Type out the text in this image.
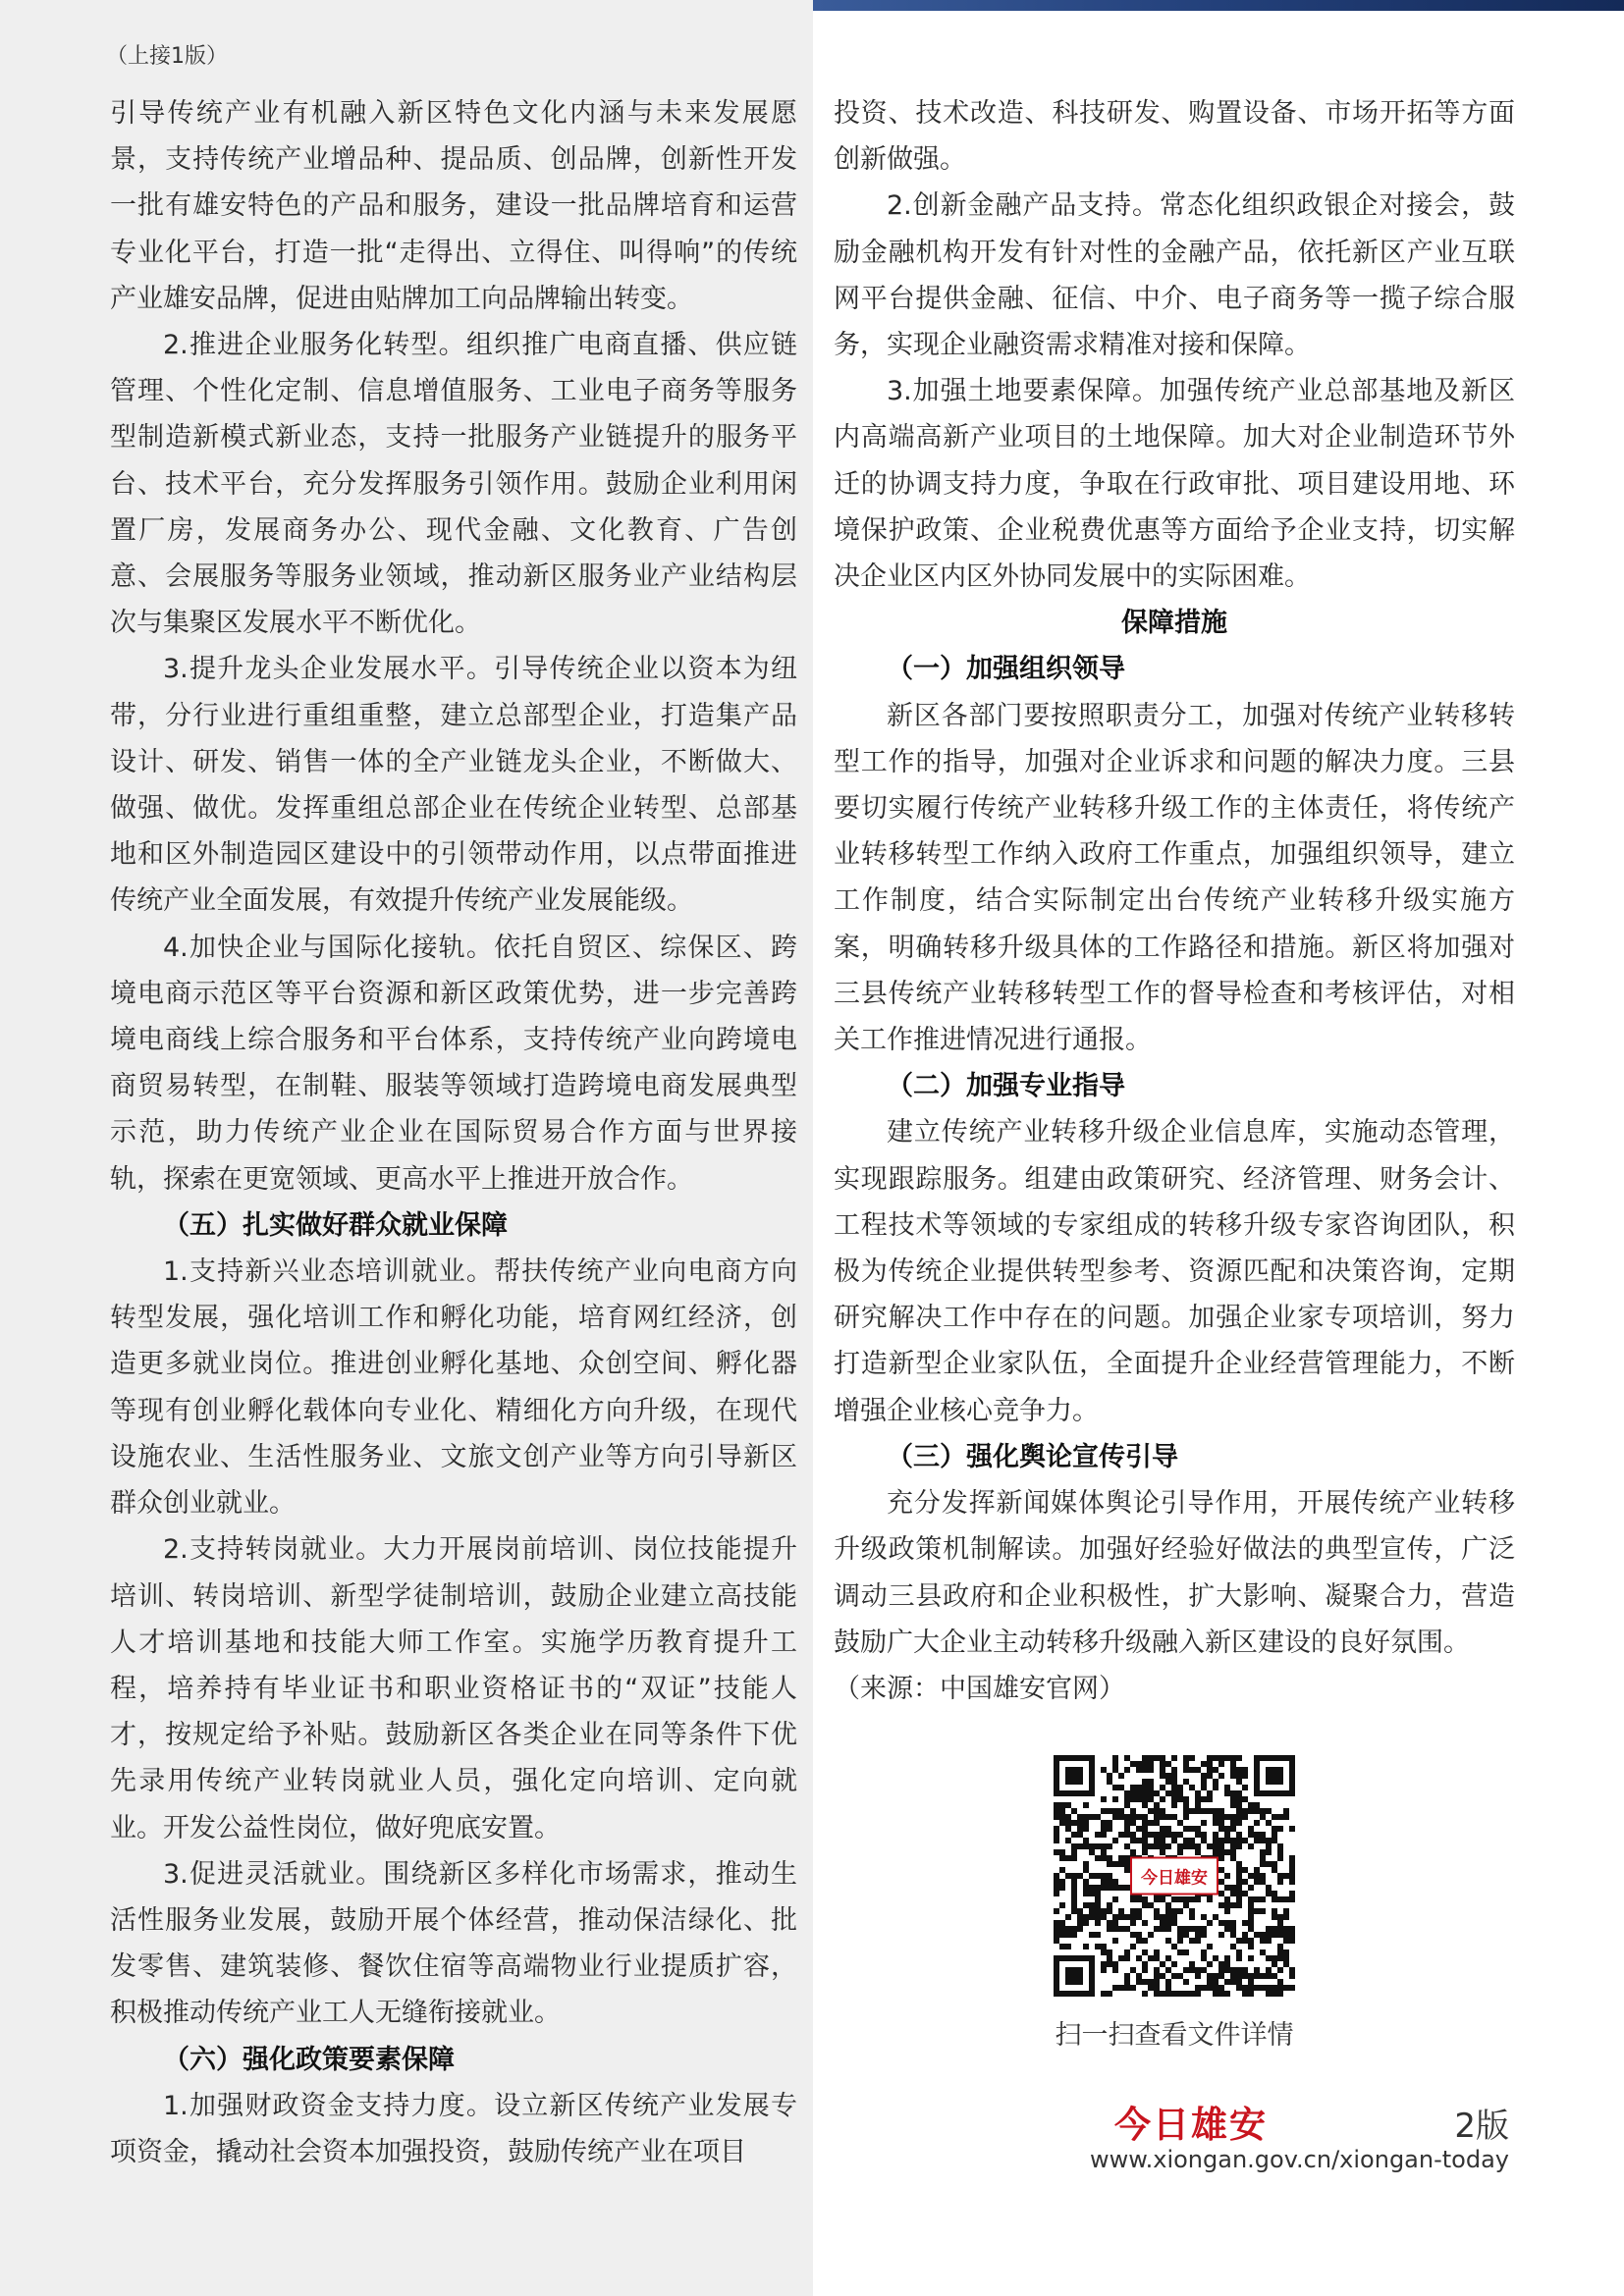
（上接1版）

引导传统产业有机融入新区特色文化内涵与未来发展愿景，支持传统产业增品种、提品质、创品牌，创新性开发一批有雄安特色的产品和服务，建设一批品牌培育和运营专业化平台，打造一批“走得出、立得住、叫得响”的传统产业雄安品牌，促进由贴牌加工向品牌输出转变。

2.推进企业服务化转型。组织推广电商直播、供应链管理、个性化定制、信息增值服务、工业电子商务等服务型制造新模式新业态，支持一批服务产业链提升的服务平台、技术平台，充分发挥服务引领作用。鼓励企业利用闲置厂房，发展商务办公、现代金融、文化教育、广告创意、会展服务等服务业领域，推动新区服务业产业结构层次与集聚区发展水平不断优化。

3.提升龙头企业发展水平。引导传统企业以资本为纽带，分行业进行重组重整，建立总部型企业，打造集产品设计、研发、销售一体的全产业链龙头企业，不断做大、做强、做优。发挥重组总部企业在传统企业转型、总部基地和区外制造园区建设中的引领带动作用，以点带面推进传统产业全面发展，有效提升传统产业发展能级。

4.加快企业与国际化接轨。依托自贸区、综保区、跨境电商示范区等平台资源和新区政策优势，进一步完善跨境电商线上综合服务和平台体系，支持传统产业向跨境电商贸易转型，在制鞋、服装等领域打造跨境电商发展典型示范，助力传统产业企业在国际贸易合作方面与世界接轨，探索在更宽领域、更高水平上推进开放合作。

（五）扎实做好群众就业保障

1.支持新兴业态培训就业。帮扶传统产业向电商方向转型发展，强化培训工作和孵化功能，培育网红经济，创造更多就业岗位。推进创业孵化基地、众创空间、孵化器等现有创业孵化载体向专业化、精细化方向升级，在现代设施农业、生活性服务业、文旅文创产业等方向引导新区群众创业就业。

2.支持转岗就业。大力开展岗前培训、岗位技能提升培训、转岗培训、新型学徒制培训，鼓励企业建立高技能人才培训基地和技能大师工作室。实施学历教育提升工程，培养持有毕业证书和职业资格证书的“双证”技能人才，按规定给予补贴。鼓励新区各类企业在同等条件下优先录用传统产业转岗就业人员，强化定向培训、定向就业。开发公益性岗位，做好兜底安置。

3.促进灵活就业。围绕新区多样化市场需求，推动生活性服务业发展，鼓励开展个体经营，推动保洁绿化、批发零售、建筑装修、餐饮住宿等高端物业行业提质扩容，积极推动传统产业工人无缝衔接就业。

（六）强化政策要素保障

1.加强财政资金支持力度。设立新区传统产业发展专项资金，撬动社会资本加强投资，鼓励传统产业在项目

投资、技术改造、科技研发、购置设备、市场开拓等方面创新做强。

2.创新金融产品支持。常态化组织政银企对接会，鼓励金融机构开发有针对性的金融产品，依托新区产业互联网平台提供金融、征信、中介、电子商务等一揽子综合服务，实现企业融资需求精准对接和保障。

3.加强土地要素保障。加强传统产业总部基地及新区内高端高新产业项目的土地保障。加大对企业制造环节外迁的协调支持力度，争取在行政审批、项目建设用地、环境保护政策、企业税费优惠等方面给予企业支持，切实解决企业区内区外协同发展中的实际困难。

保障措施
（一）加强组织领导

新区各部门要按照职责分工，加强对传统产业转移转型工作的指导，加强对企业诉求和问题的解决力度。三县要切实履行传统产业转移升级工作的主体责任，将传统产业转移转型工作纳入政府工作重点，加强组织领导，建立工作制度，结合实际制定出台传统产业转移升级实施方案，明确转移升级具体的工作路径和措施。新区将加强对三县传统产业转移转型工作的督导检查和考核评估，对相关工作推进情况进行通报。

（二）加强专业指导

建立传统产业转移升级企业信息库，实施动态管理，实现跟踪服务。组建由政策研究、经济管理、财务会计、工程技术等领域的专家组成的转移升级专家咨询团队，积极为传统企业提供转型参考、资源匹配和决策咨询，定期研究解决工作中存在的问题。加强企业家专项培训，努力打造新型企业家队伍，全面提升企业经营管理能力，不断增强企业核心竞争力。

（三）强化舆论宣传引导

充分发挥新闻媒体舆论引导作用，开展传统产业转移升级政策机制解读。加强好经验好做法的典型宣传，广泛调动三县政府和企业积极性，扩大影响、凝聚合力，营造鼓励广大企业主动转移升级融入新区建设的良好氛围。

（来源：中国雄安官网）

今日雄安
扫一扫查看文件详情
今日雄安	2版
www.xiongan.gov.cn/xiongan-today
